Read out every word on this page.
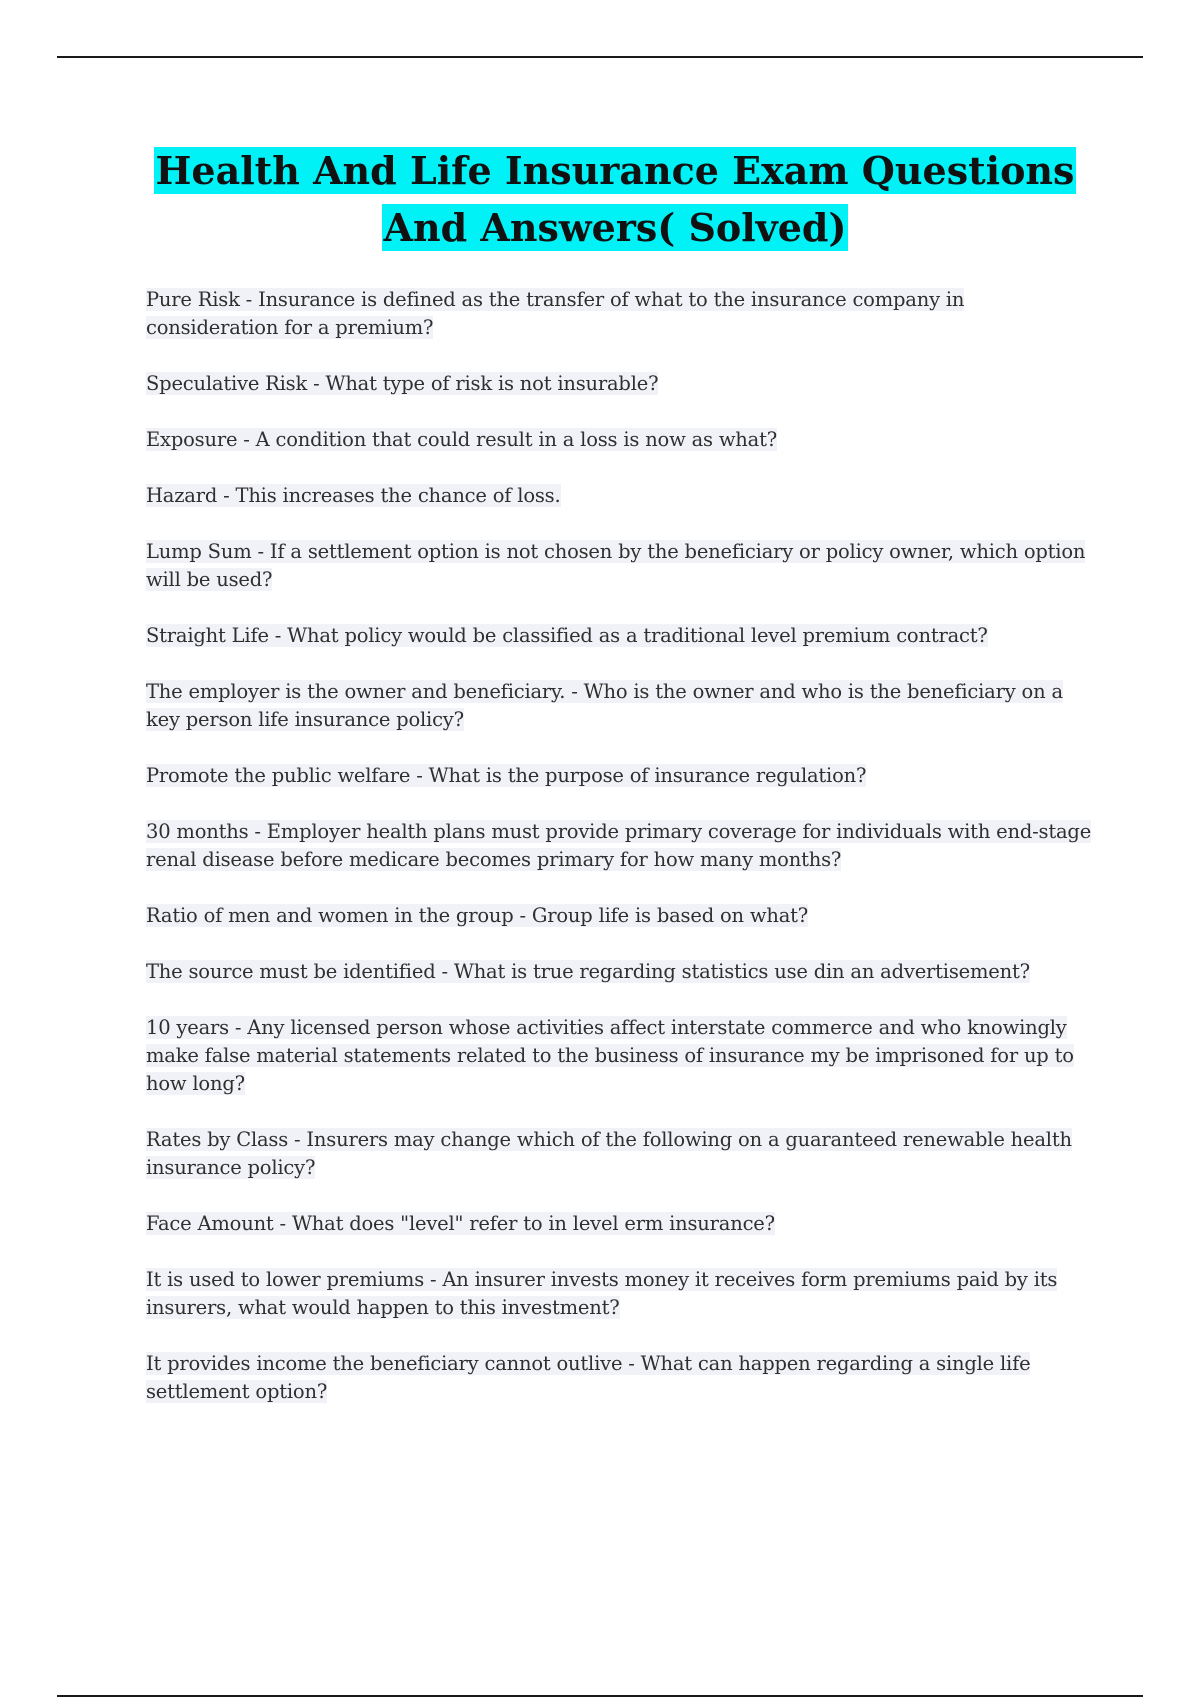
Health And Life Insurance Exam Questions And Answers( Solved)
Pure Risk - Insurance is defined as the transfer of what to the insurance company in consideration for a premium?
Speculative Risk - What type of risk is not insurable?
Exposure - A condition that could result in a loss is now as what?
Hazard - This increases the chance of loss.
Lump Sum - If a settlement option is not chosen by the beneficiary or policy owner, which option will be used?
Straight Life - What policy would be classified as a traditional level premium contract?
The employer is the owner and beneficiary. - Who is the owner and who is the beneficiary on a key person life insurance policy?
Promote the public welfare - What is the purpose of insurance regulation?
30 months - Employer health plans must provide primary coverage for individuals with end-stage renal disease before medicare becomes primary for how many months?
Ratio of men and women in the group - Group life is based on what?
The source must be identified - What is true regarding statistics use din an advertisement?
10 years - Any licensed person whose activities affect interstate commerce and who knowingly make false material statements related to the business of insurance my be imprisoned for up to how long?
Rates by Class - Insurers may change which of the following on a guaranteed renewable health insurance policy?
Face Amount - What does "level" refer to in level erm insurance?
It is used to lower premiums - An insurer invests money it receives form premiums paid by its insurers, what would happen to this investment?
It provides income the beneficiary cannot outlive - What can happen regarding a single life settlement option?
